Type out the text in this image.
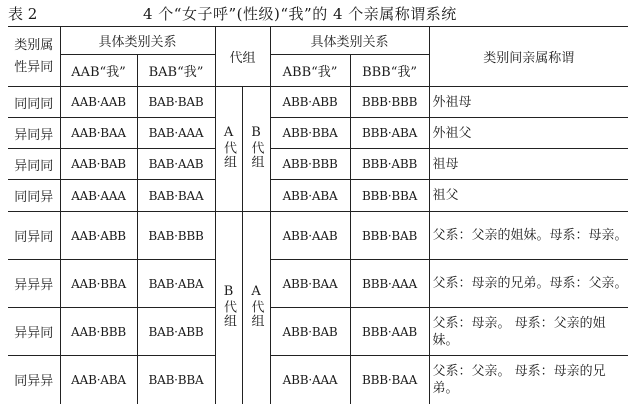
表 2	4 个“女子呼”(性级)“我”的 4 个亲属称谓系统
类别属性异同	具体类别关系		代组		具体类别关系		类别间亲属称谓
	AAB“我”	BAB“我”			ABB“我”	BBB“我”	
同同同	AAB·AAB	BAB·BAB	A代组	B代组	ABB·ABB	BBB·BBB	外祖母
异同异	AAB·BAA	BAB·AAA			ABB·BBA	BBB·ABA	外祖父
异同同	AAB·BAB	BAB·AAB			ABB·BBB	BBB·ABB	祖母
同同异	AAB·AAA	BAB·BAA			ABB·ABA	BBB·BBA	祖父
同异同	AAB·ABB	BAB·BBB	B代组	A代组	ABB·AAB	BBB·BAB	父系：父亲的姐妹。母系：母亲。
异异异	AAB·BBA	BAB·ABA			ABB·BAA	BBB·AAA	父系：母亲的兄弟。母系：父亲。
异异同	AAB·BBB	BAB·ABB			ABB·BAB	BBB·AAB	父系：母亲。 母系：父亲的姐妹。
同异异	AAB·ABA	BAB·BBA			ABB·AAA	BBB·BAA	父系：父亲。 母系：母亲的兄弟。
